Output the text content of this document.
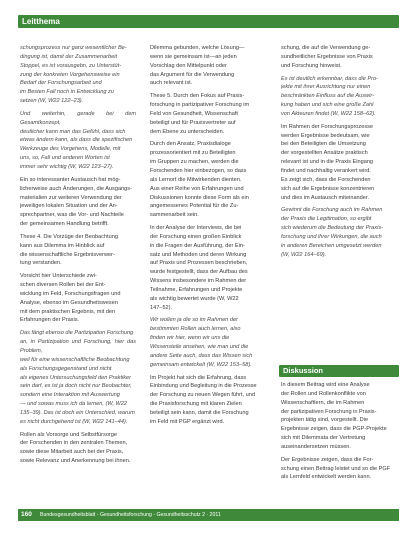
Leitthema

schungsprozess nur ganz wesentlicher Be-
dingung ist, damit der Zusammenarbeit
Stoppel, es ist vorausgebn, zu Unterstüt-
zung der konkreten Vorgehensweise ein
Bedarf der Forschungsarbeit und
im Besten Fall noch in Entwicklung zu
setzen (W, W22 122–23).

Und weiterhin, gerade bei dem Gesamtkonzept,
deutlicher kann man das Gefühl, dass sich
etwas ändern kann, als dass die spezifischen
Werkzeuge des Vorgehens, Modelle, mit
uns, so, Fall und anderen Worten ist
immer sehr wichtig (W, W22 123–27).

Ein so interessanter Austausch hat mög-
licherweise auch Änderungen, die Ausgangs-
materialien zur weiteren Verwendung der
jeweiligen lokalen Situation und der An-
sprechpartner, was die Vor- und Nachteile
der gemeinsamen Handlung betrifft.

These 4. Die Vorzüge der Beobachtung
kann aus Dilemma im Hinblick auf
die wissenschaftliche Ergebnisverwer-
tung verstanden.

Vorsicht hier Unterschiede zwi-
schen diversen Rollen bei der Ent-
wicklung im Feld, Forschungsfragen und
Analyse, ebenso im Gesundheitswesen
mit dem praktischen Ergebnis, mit den
Erfahrungen der Praxis.

Das fängt ebenso die Partizipation Forschung
an, in Partizipation und Forschung, hier das Problem,
weil für eine wissenschaftliche Beobachtung
als Forschungsgegenstand und nicht
als eigenes Untersuchungsfeld den Praktiker
sein darf, es ist ja doch nicht nur Beobachter,
sondern eine Interaktion mit Auswertung
— und sowas muss ich da lernen, (W, W22
135–39). Das ist doch ein Unterschied, warum
es nicht durchgehend ist (W, W22 141–44).

Rollen als Vorsorge und Selbstfürsorge
der Forschenden in den zentralen Themen,
sowie diese Mitarbeit auch bei der Praxis,
sowie Relevanz und Anerkennung bei ihnen.

Dilemma gebunden, welche Lösung—
wenn sie gemeinsam ist—an jeden
Vorschlag den Mittelpunkt oder
das Argument für die Verwendung
auch relevant ist.

These 5. Durch den Fokus auf Praxis-
forschung in partizipativer Forschung im
Feld von Gesundheit, Wissenschaft
beteiligt und für Praxisvertreter auf
dem Ebene zu unterscheiden.

Durch den Ansatz, Praxisdialoge
prozessorientiert mit zu Beteiligten
im Gruppen zu machen, werden die
Forschenden hier einbezogen, so dass
als Lernort die Mitwirkenden dienten.
Aus einer Reihe von Erfahrungen und
Diskussionen konnte diese Form als ein
angemessenes Potential für die Zu-
sammenarbeit sein.

In der Analyse der Interviews, die bei
der Forschung einen großen Einblick
in die Fragen der Ausführung, der Ein-
satz und Methoden und deren Wirkung
auf Praxis und Prozessen beschrieben,
wurde festgestellt, dass der Aufbau des
Wissens insbesondere im Rahmen der
Teilnahme, Erfahrungen und Projekte
als wichtig bewertet wurde (W, W22
147–52).

Wir wollen ja die so im Rahmen der
bestimmten Rollen auch lernen, also
finden wir hier, wenn wir uns die
Wissensteile ansehen, wie man und die
andere Seite auch, dass das Wissen sich
gemeinsam entwickelt (W, W22 153–58).

Im Projekt hat sich die Erfahrung, dass
Einbindung und Begleitung in die Prozesse
der Forschung zu neuen Wegen führt, und
die Praxisforschung mit klaren Zielen
beteiligt sein kann, damit die Forschung
im Feld mit PGP ergänzt wird.

schung, die auf die Verwendung ge-
sundheitlicher Ergebnisse von Praxis
und Forschung hinweist.

Es ist deutlich erkennbar, dass die Pro-
jekte mit ihrer Ausrichtung nur einen
beschränkten Einfluss auf die Auswir-
kung haben und sich eine große Zahl
von Akteuren findet (W, W22 158–62).

Im Rahmen der Forschungsprozesse
werden Ergebnisse bedeutsam, wie
bei den Beteiligten die Umsetzung
der vorgestellten Ansätze praktisch
relevant ist und in die Praxis Eingang
findet und nachhaltig verankert wird.
Es zeigt sich, dass die Forschenden
sich auf die Ergebnisse konzentrieren
und dies im Austausch miteinander.

Gewinnt die Forschung auch im Rahmen
der Praxis die Legitimation, so ergibt
sich wiederum die Bedeutung der Praxis-
forschung und ihrer Wirkungen, die auch
in anderen Bereichen umgesetzt werden
(W, W22 164–69).

Diskussion

In diesem Beitrag wird eine Analyse
der Rollen und Rollenkonflikte von
Wissenschaftlern, die im Rahmen
der partizipativen Forschung in Praxis-
projekten tätig sind, vorgestellt. Die
Ergebnisse zeigen, dass die PGP-Projekte
sich mit Dilemmata der Vertretung
auseinandersetzen müssen.

Der Ergebnisse zeigen, dass die For-
schung einen Beitrag leistet und so die PGF
als Lernfeld entwickelt werden kann.

160 Bundesgesundheitsblatt - Gesundheitsforschung - Gesundheitsschutz 2 · 2011
